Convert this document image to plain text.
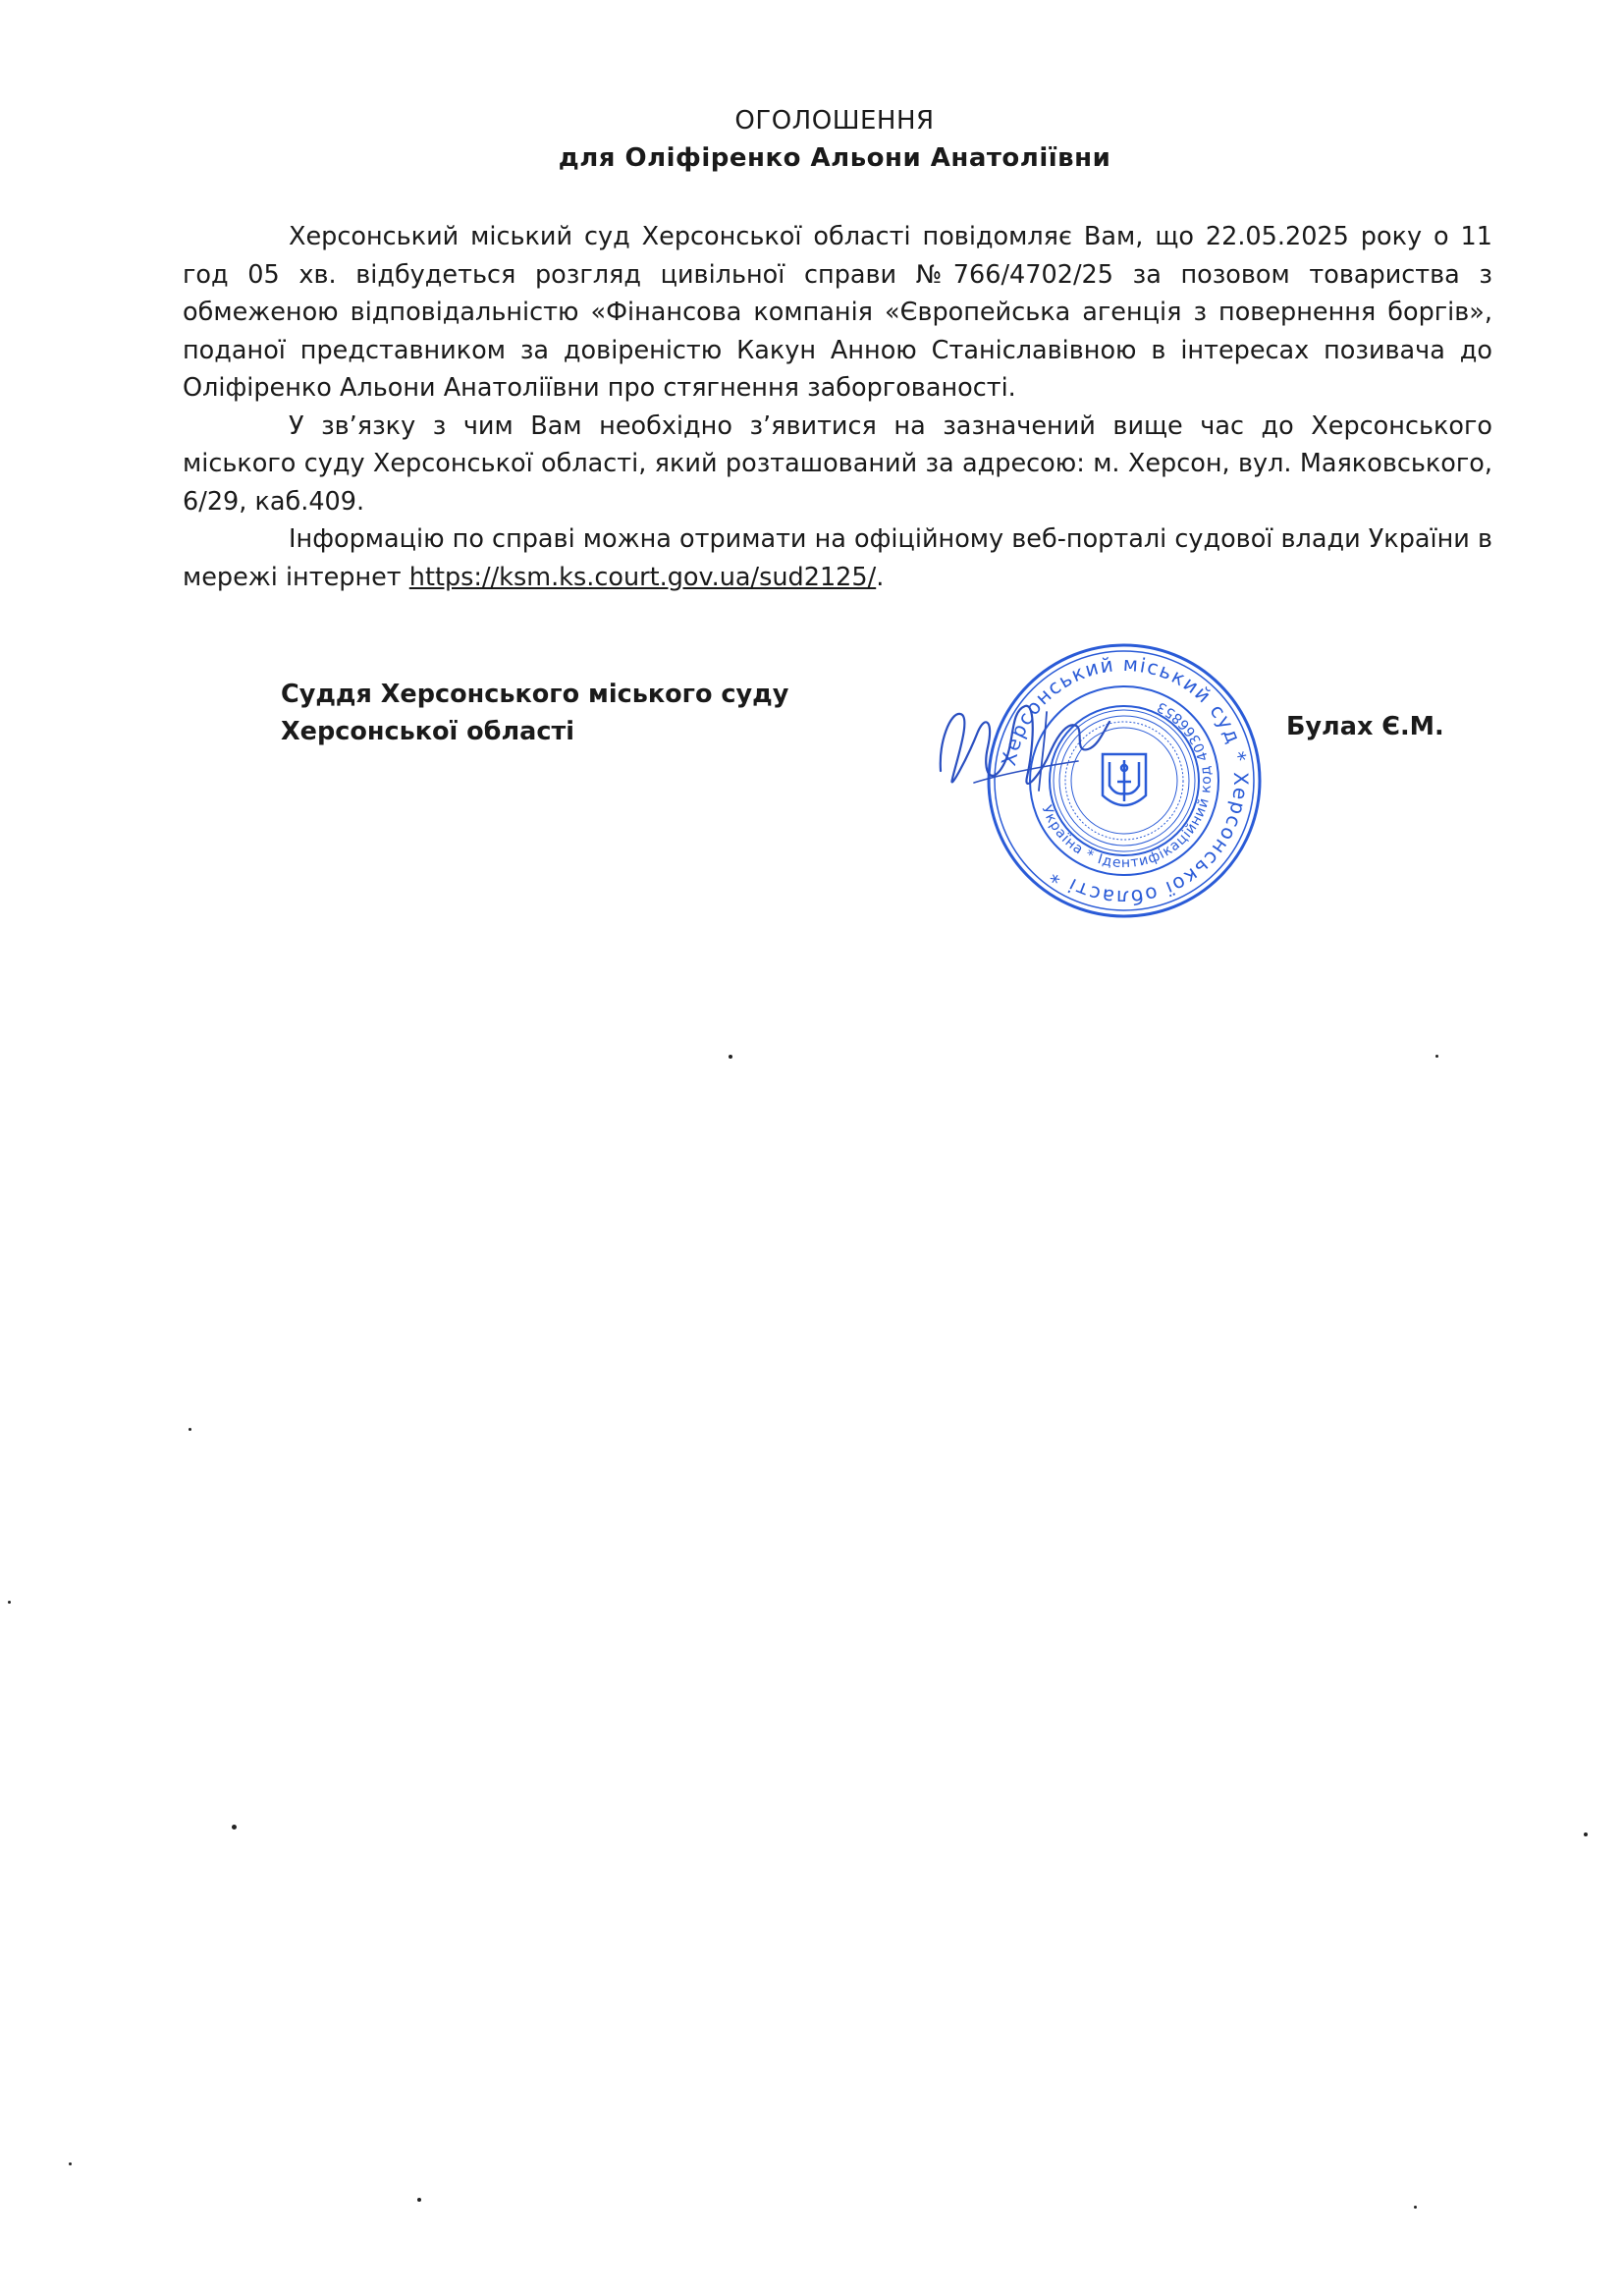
ОГОЛОШЕННЯ
для Оліфіренко Альони Анатоліївни

Херсонський міський суд Херсонської області повідомляє Вам, що 22.05.2025 року о 11 год 05 хв. відбудеться розгляд цивільної справи №766/4702/25 за позовом товариства з обмеженою відповідальністю «Фінансова компанія «Європейська агенція з повернення боргів», поданої представником за довіреністю Какун Анною Станіславівною в інтересах позивача до Оліфіренко Альони Анатоліївни про стягнення заборгованості.

У зв’язку з чим Вам необхідно з’явитися на зазначений вище час до Херсонського міського суду Херсонської області, який розташований за адресою: м. Херсон, вул. Маяковського, 6/29, каб.409.

Інформацію по справі можна отримати на офіційному веб-порталі судової влади України в мережі інтернет https://ksm.ks.court.gov.ua/sud2125/.

Суддя Херсонського міського суду
Херсонської області
Херсонський міський суд * Херсонської області *
Україна * Ідентифікаційний код 40366853
Булах Є.М.
